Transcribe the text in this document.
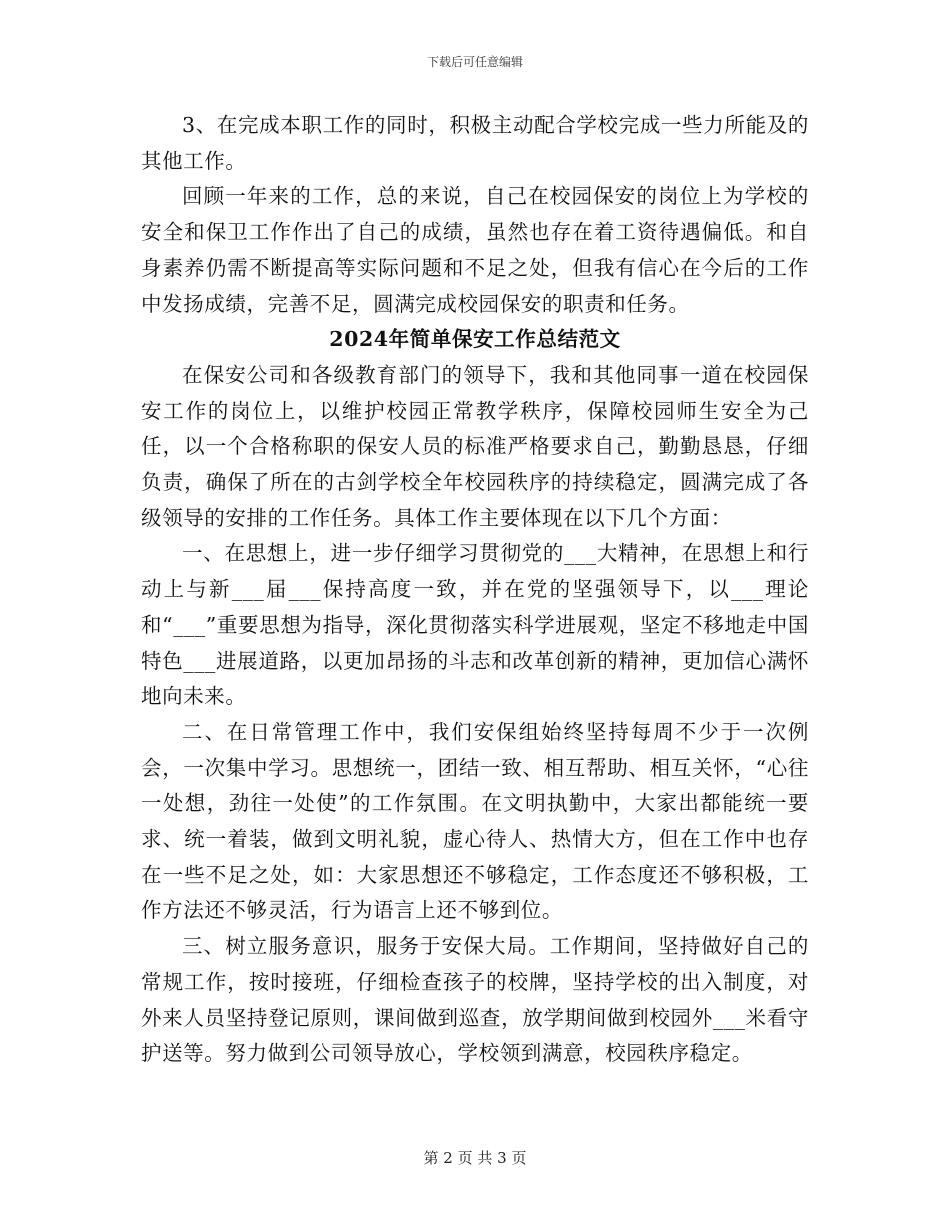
下载后可任意编辑

3、在完成本职工作的同时，积极主动配合学校完成一些力所能及的其他工作。

回顾一年来的工作，总的来说，自己在校园保安的岗位上为学校的安全和保卫工作作出了自己的成绩，虽然也存在着工资待遇偏低。和自身素养仍需不断提高等实际问题和不足之处，但我有信心在今后的工作中发扬成绩，完善不足，圆满完成校园保安的职责和任务。

2024年简单保安工作总结范文

在保安公司和各级教育部门的领导下，我和其他同事一道在校园保安工作的岗位上，以维护校园正常教学秩序，保障校园师生安全为己任，以一个合格称职的保安人员的标准严格要求自己，勤勤恳恳，仔细负责，确保了所在的古剑学校全年校园秩序的持续稳定，圆满完成了各级领导的安排的工作任务。具体工作主要体现在以下几个方面：

一、在思想上，进一步仔细学习贯彻党的___大精神，在思想上和行动上与新___届___保持高度一致，并在党的坚强领导下，以___理论和“___”重要思想为指导，深化贯彻落实科学进展观，坚定不移地走中国特色___进展道路，以更加昂扬的斗志和改革创新的精神，更加信心满怀地向未来。

二、在日常管理工作中，我们安保组始终坚持每周不少于一次例会，一次集中学习。思想统一，团结一致、相互帮助、相互关怀，“心往一处想，劲往一处使”的工作氛围。在文明执勤中，大家出都能统一要求、统一着装，做到文明礼貌，虚心待人、热情大方，但在工作中也存在一些不足之处，如：大家思想还不够稳定，工作态度还不够积极，工作方法还不够灵活，行为语言上还不够到位。

三、树立服务意识，服务于安保大局。工作期间，坚持做好自己的常规工作，按时接班，仔细检查孩子的校牌，坚持学校的出入制度，对外来人员坚持登记原则，课间做到巡查，放学期间做到校园外___米看守护送等。努力做到公司领导放心，学校领到满意，校园秩序稳定。

第 2 页 共 3 页
